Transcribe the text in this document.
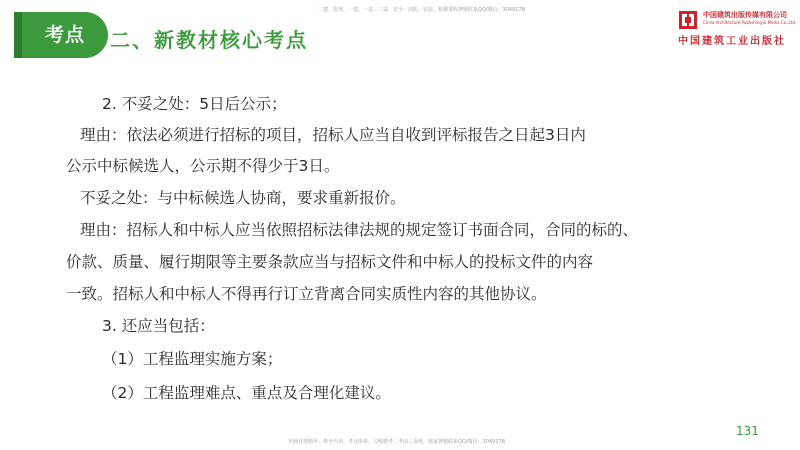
二建、监理、一建、一造、二造、安全、消防、安装、检测课程押题联系QQ/微信：304917B
考点	二、新教材核心考点
中国建筑出版传媒有限公司
China Architecture Publishing & Media Co.,Ltd.
中国建筑工业出版社
2. 不妥之处：5日后公示；
理由：依法必须进行招标的项目，招标人应当自收到评标报告之日起3日内
公示中标候选人，公示期不得少于3日。
不妥之处：与中标候选人协商，要求重新报价。
理由：招标人和中标人应当依照招标法律法规的规定签订书面合同，合同的标的、
价款、质量、履行期限等主要条款应当与招标文件和中标人的投标文件的内容
一致。招标人和中标人不得再行订立背离合同实质性内容的其他协议。
3. 还应当包括：
（1）工程监理实施方案；
（2）工程监理难点、重点及合理化建议。
131
名师直授精华、典全内训、考点串讲、习题精考、考前三页纸、独家押题联系QQ/微信：304917B
